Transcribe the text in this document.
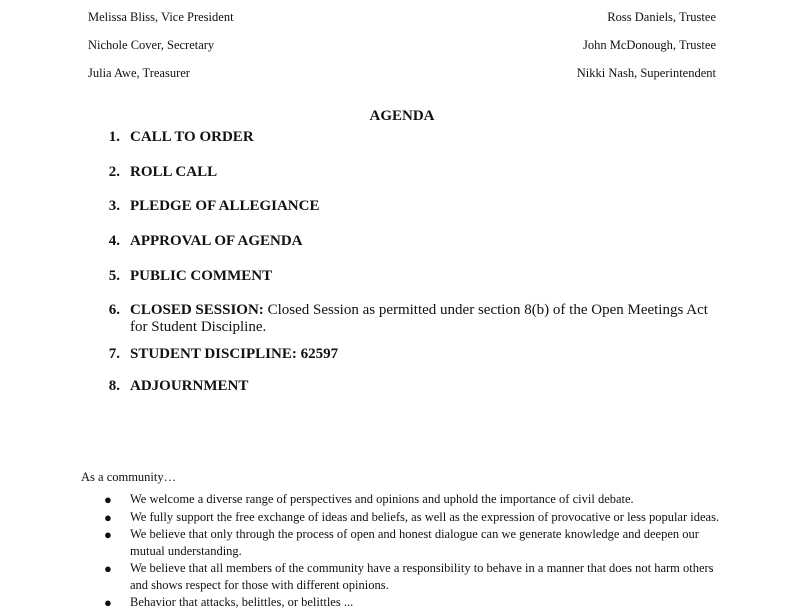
Melissa Bliss, Vice President
Nichole Cover, Secretary
Julia Awe, Treasurer
Ross Daniels, Trustee
John McDonough, Trustee
Nikki Nash, Superintendent
AGENDA
1. CALL TO ORDER
2. ROLL CALL
3. PLEDGE OF ALLEGIANCE
4. APPROVAL OF AGENDA
5. PUBLIC COMMENT
6. CLOSED SESSION: Closed Session as permitted under section 8(b) of the Open Meetings Act for Student Discipline.
7. STUDENT DISCIPLINE: 62597
8. ADJOURNMENT
As a community…
● We welcome a diverse range of perspectives and opinions and uphold the importance of civil debate.
● We fully support the free exchange of ideas and beliefs, as well as the expression of provocative or less popular ideas.
● We believe that only through the process of open and honest dialogue can we generate knowledge and deepen our mutual understanding.
● We believe that all members of the community have a responsibility to behave in a manner that does not harm others and shows respect for those with different opinions.
● Behavior that attacks, belittles, or belittles ...
